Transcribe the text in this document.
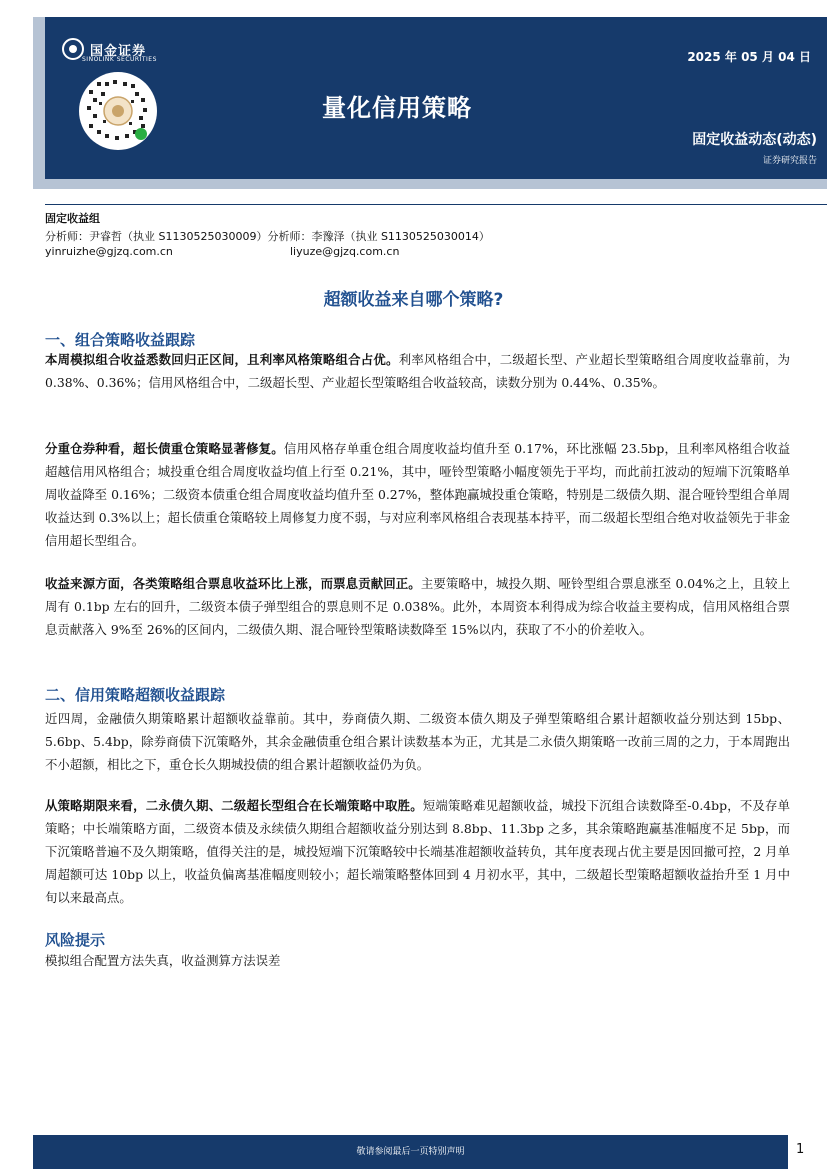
国金证券
SINOLINK SECURITIES	2025 年 05 月 04 日
量化信用策略
固定收益动态(动态)
证券研究报告
固定收益组
分析师：尹睿哲（执业 S1130525030009）分析师：李豫泽（执业 S1130525030014）
yinruizhe@gjzq.com.cn	liyuze@gjzq.com.cn
超额收益来自哪个策略?
一、组合策略收益跟踪
本周模拟组合收益悉数回归正区间，且利率风格策略组合占优。利率风格组合中，二级超长型、产业超长型策略组合周度收益靠前，为 0.38%、0.36%；信用风格组合中，二级超长型、产业超长型策略组合收益较高，读数分别为 0.44%、0.35%。
分重仓券种看，超长债重仓策略显著修复。信用风格存单重仓组合周度收益均值升至 0.17%，环比涨幅 23.5bp，且利率风格组合收益超越信用风格组合；城投重仓组合周度收益均值上行至 0.21%，其中，哑铃型策略小幅度领先于平均，而此前扛波动的短端下沉策略单周收益降至 0.16%；二级资本债重仓组合周度收益均值升至 0.27%，整体跑赢城投重仓策略，特别是二级债久期、混合哑铃型组合单周收益达到 0.3%以上；超长债重仓策略较上周修复力度不弱，与对应利率风格组合表现基本持平，而二级超长型组合绝对收益领先于非金信用超长型组合。
收益来源方面，各类策略组合票息收益环比上涨，而票息贡献回正。主要策略中，城投久期、哑铃型组合票息涨至 0.04%之上，且较上周有 0.1bp 左右的回升，二级资本债子弹型组合的票息则不足 0.038%。此外，本周资本利得成为综合收益主要构成，信用风格组合票息贡献落入 9%至 26%的区间内，二级债久期、混合哑铃型策略读数降至 15%以内，获取了不小的价差收入。
二、信用策略超额收益跟踪
近四周，金融债久期策略累计超额收益靠前。其中，券商债久期、二级资本债久期及子弹型策略组合累计超额收益分别达到 15bp、5.6bp、5.4bp，除券商债下沉策略外，其余金融债重仓组合累计读数基本为正，尤其是二永债久期策略一改前三周的之力，于本周跑出不小超额，相比之下，重仓长久期城投债的组合累计超额收益仍为负。
从策略期限来看，二永债久期、二级超长型组合在长端策略中取胜。短端策略难见超额收益，城投下沉组合读数降至-0.4bp，不及存单策略；中长端策略方面，二级资本债及永续债久期组合超额收益分别达到 8.8bp、11.3bp 之多，其余策略跑赢基准幅度不足 5bp，而下沉策略普遍不及久期策略，值得关注的是，城投短端下沉策略较中长端基准超额收益转负，其年度表现占优主要是因回撤可控，2 月单周超额可达 10bp 以上，收益负偏离基准幅度则较小；超长端策略整体回到 4 月初水平，其中，二级超长型策略超额收益抬升至 1 月中旬以来最高点。
风险提示
模拟组合配置方法失真，收益测算方法误差
敬请参阅最后一页特别声明	1
